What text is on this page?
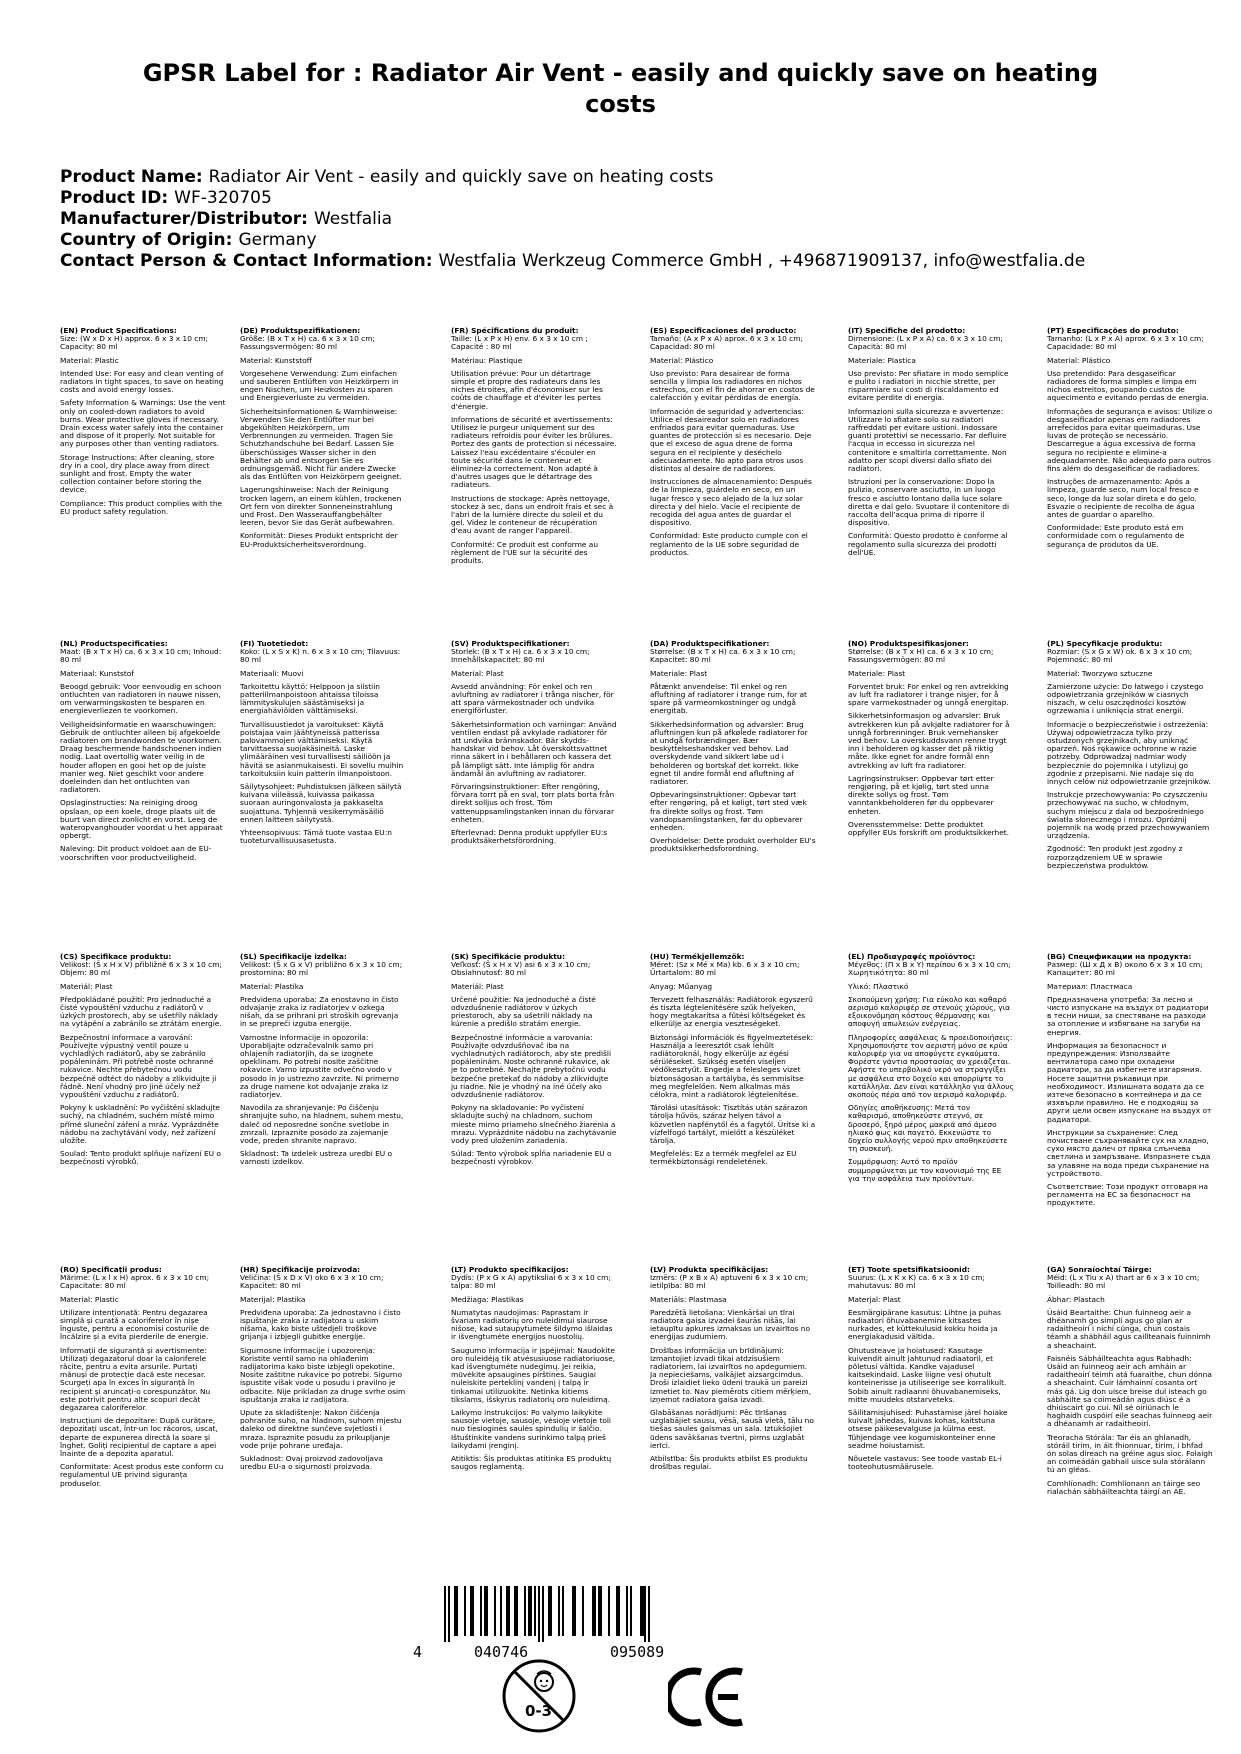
GPSR Label for : Radiator Air Vent - easily and quickly save on heating costs
Product Name: Radiator Air Vent - easily and quickly save on heating costs
Product ID: WF-320705
Manufacturer/Distributor: Westfalia
Country of Origin: Germany
Contact Person & Contact Information: Westfalia Werkzeug Commerce GmbH , +496871909137, info@westfalia.de
(EN) Product Specifications:
Size: (W x D x H) approx. 6 x 3 x 10 cm; Capacity: 80 ml
Material: Plastic
Intended Use: For easy and clean venting of radiators in tight spaces, to save on heating costs and avoid energy losses.
Safety Information & Warnings: Use the vent only on cooled-down radiators to avoid burns. Wear protective gloves if necessary. Drain excess water safely into the container and dispose of it properly. Not suitable for any purposes other than venting radiators.
Storage Instructions: After cleaning, store dry in a cool, dry place away from direct sunlight and frost. Empty the water collection container before storing the device.
Compliance: This product complies with the EU product safety regulation.
(DE) Produktspezifikationen:
Größe: (B x T x H) ca. 6 x 3 x 10 cm; Fassungsvermögen: 80 ml
Material: Kunststoff
Vorgesehene Verwendung: Zum einfachen und sauberen Entlüften von Heizkörpern in engen Nischen, um Heizkosten zu sparen und Energieverluste zu vermeiden.
Sicherheitsinformationen & Warnhinweise: Verwenden Sie den Entlüfter nur bei abgekühlten Heizkörpern, um Verbrennungen zu vermeiden. Tragen Sie Schutzhandschuhe bei Bedarf. Lassen Sie überschüssiges Wasser sicher in den Behälter ab und entsorgen Sie es ordnungsgemäß. Nicht für andere Zwecke als das Entlüften von Heizkörpern geeignet.
Lagerungshinweise: Nach der Reinigung trocken lagern, an einem kühlen, trockenen Ort fern von direkter Sonneneinstrahlung und Frost. Den Wasserauffangbehälter leeren, bevor Sie das Gerät aufbewahren.
Konformität: Dieses Produkt entspricht der EU-Produktsicherheitsverordnung.
(FR) Spécifications du produit:
Taille: (L x P x H) env. 6 x 3 x 10 cm ; Capacité : 80 ml
Matériau: Plastique
Utilisation prévue: Pour un détartrage simple et propre des radiateurs dans les niches étroites, afin d'économiser sur les coûts de chauffage et d'éviter les pertes d'énergie.
Informations de sécurité et avertissements: Utilisez le purgeur uniquement sur des radiateurs refroidis pour éviter les brûlures. Portez des gants de protection si nécessaire. Laissez l'eau excédentaire s'écouler en toute sécurité dans le conteneur et éliminez-la correctement. Non adapté à d'autres usages que le détartrage des radiateurs.
Instructions de stockage: Après nettoyage, stockez à sec, dans un endroit frais et sec à l'abri de la lumière directe du soleil et du gel. Videz le conteneur de récupération d'eau avant de ranger l'appareil.
Conformité: Ce produit est conforme au règlement de l'UE sur la sécurité des produits.
(ES) Especificaciones del producto:
Tamaño: (A x P x A) aprox. 6 x 3 x 10 cm; Capacidad: 80 ml
Material: Plástico
Uso previsto: Para desairear de forma sencilla y limpia los radiadores en nichos estrechos, con el fin de ahorrar en costos de calefacción y evitar pérdidas de energía.
Información de seguridad y advertencias: Utilice el desaireador solo en radiadores enfriados para evitar quemaduras. Use guantes de protección si es necesario. Deje que el exceso de agua drene de forma segura en el recipiente y deséchelo adecuadamente. No apto para otros usos distintos al desaire de radiadores.
Instrucciones de almacenamiento: Después de la limpieza, guárdelo en seco, en un lugar fresco y seco alejado de la luz solar directa y del hielo. Vacíe el recipiente de recogida del agua antes de guardar el dispositivo.
Conformidad: Este producto cumple con el reglamento de la UE sobre seguridad de productos.
(IT) Specifiche del prodotto:
Dimensione: (L x P x A) ca. 6 x 3 x 10 cm; Capacità: 80 ml
Materiale: Plastica
Uso previsto: Per sfiatare in modo semplice e pulito i radiatori in nicchie strette, per risparmiare sui costi di riscaldamento ed evitare perdite di energia.
Informazioni sulla sicurezza e avvertenze: Utilizzare lo sfiatare solo su radiatori raffreddati per evitare ustioni. Indossare guanti protettivi se necessario. Far defluire l'acqua in eccesso in sicurezza nel contenitore e smaltirla correttamente. Non adatto per scopi diversi dallo sfiato dei radiatori.
Istruzioni per la conservazione: Dopo la pulizia, conservare asciutto, in un luogo fresco e asciutto lontano dalla luce solare diretta e dal gelo. Svuotare il contenitore di raccolta dell'acqua prima di riporre il dispositivo.
Conformità: Questo prodotto è conforme al regolamento sulla sicurezza dei prodotti dell'UE.
(PT) Especificações do produto:
Tamanho: (L x P x A) aprox. 6 x 3 x 10 cm; Capacidade: 80 ml
Material: Plástico
Uso pretendido: Para desgaseificar radiadores de forma simples e limpa em nichos estreitos, poupando custos de aquecimento e evitando perdas de energia.
Informações de segurança e avisos: Utilize o desgaseificador apenas em radiadores arrefecidos para evitar queimaduras. Use luvas de proteção se necessário. Descarregue a água excessiva de forma segura no recipiente e elimine-a adequadamente. Não adequado para outros fins além do desgaseificar de radiadores.
Instruções de armazenamento: Após a limpeza, guarde seco, num local fresco e seco, longe da luz solar direta e do gelo. Esvazie o recipiente de recolha de água antes de guardar o aparelho.
Conformidade: Este produto está em conformidade com o regulamento de segurança de produtos da UE.
(NL) Productspecificaties:
Maat: (B x T x H) ca. 6 x 3 x 10 cm; Inhoud: 80 ml
Materiaal: Kunststof
Beoogd gebruik: Voor eenvoudig en schoon ontluchten van radiatoren in nauwe nissen, om verwarmingskosten te besparen en energieverliezen te voorkomen.
Veiligheidsinformatie en waarschuwingen: Gebruik de ontluchter alleen bij afgekoelde radiatoren om brandwonden te voorkomen. Draag beschermende handschoenen indien nodig. Laat overtollig water veilig in de houder aflopen en gooi het op de juiste manier weg. Niet geschikt voor andere doeleinden dan het ontluchten van radiatoren.
Opslaginstructies: Na reiniging droog opslaan, op een koele, droge plaats uit de buurt van direct zonlicht en vorst. Leeg de wateropvanghouder voordat u het apparaat opbergt.
Naleving: Dit product voldoet aan de EU-voorschriften voor productveiligheid.
(FI) Tuotetiedot:
Koko: (L x S x K) n. 6 x 3 x 10 cm; Tilavuus: 80 ml
Materiaali: Muovi
Tarkoitettu käyttö: Helppoon ja siistiin patteriilmanpoistoon ahtaissa tiloissa lämmityskulujen säästämiseksi ja energiahäviöiden välttämiseksi.
Turvallisuustiedot ja varoitukset: Käytä poistajaa vain jäähtyneissä patterissa palovammojen välttämiseksi. Käytä tarvittaessa suojakäsineitä. Laske ylimääräinen vesi turvallisesti säiliöön ja hävitä se asianmukaisesti. Ei sovellu muihin tarkoituksiin kuin patterin ilmanpoistoon.
Säilytysohjeet: Puhdistuksen jälkeen säilytä kuivana viileässä, kuivassa paikassa suoraan auringonvalosta ja pakkaselta suojattuna. Tyhjennä vesikerrymäsäiliö ennen laitteen säilytystä.
Yhteensopivuus: Tämä tuote vastaa EU:n tuoteturvallisuusasetusta.
(SV) Produktspecifikationer:
Storlek: (B x T x H) ca. 6 x 3 x 10 cm; Innehållskapacitet: 80 ml
Material: Plast
Avsedd användning: För enkel och ren avluftning av radiatorer i trånga nischer, för att spara värmekostnader och undvika energiförluster.
Säkerhetsinformation och varningar: Använd ventilen endast på avkylade radiatorer för att undvika brännskador. Bär skydds-handskar vid behov. Låt överskottsvattnet rinna säkert in i behållaren och kassera det på lämpligt sätt. Inte lämplig för andra ändamål än avluftning av radiatorer.
Förvaringsinstruktioner: Efter rengöring, förvara torrt på en sval, torr plats borta från direkt solljus och frost. Töm vattenuppsamlingstanken innan du förvarar enheten.
Efterlevnad: Denna produkt uppfyller EU:s produktsäkerhetsförordning.
(DA) Produktspecifikationer:
Størrelse: (B x T x H) ca. 6 x 3 x 10 cm; Kapacitet: 80 ml
Materiale: Plast
Påtænkt anvendelse: Til enkel og ren afluftning af radiatorer i trange rum, for at spare på varmeomkostninger og undgå energitab.
Sikkerhedsinformation og advarsler: Brug afluftningen kun på afkølede radiatorer for at undgå forbrændinger. Bær beskyttelseshandsker ved behov. Lad overskydende vand sikkert løbe ud i beholderen og bortskaf det korrekt. Ikke egnet til andre formål end afluftning af radiatorer.
Opbevaringsinstruktioner: Opbevar tørt efter rengøring, på et køligt, tørt sted væk fra direkte sollys og frost. Tøm vandopsamlingstanken, før du opbevarer enheden.
Overholdelse: Dette produkt overholder EU's produktsikkerhedsforordning.
(NO) Produktspesifikasjoner:
Størrelse: (B x T x H) ca. 6 x 3 x 10 cm; Fassungsvermögen: 80 ml
Materiale: Plast
Forventet bruk: For enkel og ren avtrekking av luft fra radiatorer i trange nisjer, for å spare varmekostnader og unngå energitap.
Sikkerhetsinformasjon og advarsler: Bruk avtrekkeren kun på avkjølte radiatorer for å unngå forbrenninger. Bruk vernehansker ved behov. La overskuddsvann renne trygt inn i beholderen og kasser det på riktig måte. Ikke egnet for andre formål enn avtrekking av luft fra radiatorer.
Lagringsinstrukser: Oppbevar tørt etter rengjøring, på et kjølig, tørt sted unna direkte sollys og frost. Tøm vanntankbeholderen før du oppbevarer enheten.
Overensstemmelse: Dette produktet oppfyller EUs forskrift om produktsikkerhet.
(PL) Specyfikacje produktu:
Rozmiar: (S x G x W) ok. 6 x 3 x 10 cm; Pojemność: 80 ml
Materiał: Tworzywo sztuczne
Zamierzone użycie: Do łatwego i czystego odpowietrzania grzejników w ciasnych niszach, w celu oszczędności kosztów ogrzewania i uniknięcia strat energii.
Informacje o bezpieczeństwie i ostrzeżenia: Używaj odpowietrzacza tylko przy ostudzonych grzejnikach, aby uniknąć oparzeń. Noś rękawice ochronne w razie potrzeby. Odprowadzaj nadmiar wody bezpiecznie do pojemnika i utylizuj go zgodnie z przepisami. Nie nadaje się do innych celów niż odpowietrzanie grzejników.
Instrukcje przechowywania: Po czyszczeniu przechowywać na sucho, w chłodnym, suchym miejscu z dala od bezpośredniego światła słonecznego i mrozu. Opróżnij pojemnik na wodę przed przechowywaniem urządzenia.
Zgodność: Ten produkt jest zgodny z rozporządzeniem UE w sprawie bezpieczeństwa produktów.
(CS) Specifikace produktu:
Velikost: (Š x H x V) přibližně 6 x 3 x 10 cm; Objem: 80 ml
Materiál: Plast
Předpokládané použití: Pro jednoduché a čisté vypouštění vzduchu z radiátorů v úzkých prostorech, aby se ušetřily náklady na vytápění a zabránilo se ztrátám energie.
Bezpečnostní informace a varování: Používejte výpustný ventil pouze u vychladlých radiátorů, aby se zabránilo popáleninám. Při potřebě noste ochranné rukavice. Nechte přebytečnou vodu bezpečně odtéct do nádoby a zlikvidujte ji řádně. Není vhodný pro jiné účely než vypouštění vzduchu z radiátorů.
Pokyny k uskladnění: Po vyčištění skladujte suchý, na chladném, suchém místě mimo přímé sluneční záření a mráz. Vyprázdněte nádobu na zachytávání vody, než zařízení uložíte.
Soulad: Tento produkt splňuje nařízení EU o bezpečnosti výrobků.
(SL) Specifikacije izdelka:
Velikost: (Š x G x V) približno 6 x 3 x 10 cm; prostornina: 80 ml
Material: Plastika
Predvidena uporaba: Za enostavno in čisto odvajanje zraka iz radiatorjev v ozkega nišah, da se prihrani pri stroških ogrevanja in se prepreči izguba energije.
Varnostne informacije in opozorila: Uporabljajte odzračevalnik samo pri ohlajenih radiatorjih, da se izognete opeklinam. Po potrebi nosite zaščitne rokavice. Varno izpustite odvečno vodo v posodo in jo ustrezno zavrzite. Ni primerno za druge namene kot odvajanje zraka iz radiatorjev.
Navodila za shranjevanje: Po čiščenju shranjujte suho, na hladnem, suhem mestu, daleč od neposredne sončne svetlobe in zmrzali. Izpraznite posodo za zajemanje vode, preden shranite napravo.
Skladnost: Ta izdelek ustreza uredbi EU o varnosti izdelkov.
(SK) Špecifikácie produktu:
Veľkosť: (Š x H x V) asi 6 x 3 x 10 cm; Obsiahnutosť: 80 ml
Materiál: Plast
Určené použitie: Na jednoduché a čisté odvzdušnenie radiátorov v úzkych priestoroch, aby sa ušetrili náklady na kúrenie a predišlo stratám energie.
Bezpečnostné informácie a varovania: Používajte odvzdušňovač iba na vychladnutých radiátoroch, aby ste predišli popáleninám. Noste ochranné rukavice, ak je to potrebné. Nechajte prebytočnú vodu bezpečne pretekať do nádoby a zlikvidujte ju riadne. Nie je vhodný na iné účely ako odvzdušnenie radiátorov.
Pokyny na skladovanie: Po vyčistení skladujte suchý na chladnom, suchom mieste mimo priameho slnečného žiarenia a mrazu. Vyprázdnite nádobu na zachytávanie vody pred uložením zariadenia.
Súlad: Tento výrobok spĺňa nariadenie EU o bezpečnosti výrobkov.
(HU) Termékjellemzők:
Méret: (Sz x Mé x Ma) kb. 6 x 3 x 10 cm; Űrtartalom: 80 ml
Anyag: Műanyag
Tervezett felhasználás: Radiátorok egyszerű és tiszta légtelenítésére szűk helyeken, hogy megtakarítsa a fűtési költségeket és elkerülje az energia veszteségeket.
Biztonsági információk és figyelmeztetések: Használja a leeresztőt csak lehűlt radiátoroknál, hogy elkerülje az égési sérüléseket. Szükség esetén viseljen védőkesztyűt. Engedje a felesleges vizet biztonságosan a tartályba, és semmisítse meg megfelelően. Nem alkalmas más célokra, mint a radiátorok légtelenítése.
Tárolási utasítások: Tisztítás után szárazon tárolja hűvös, száraz helyen távol a közvetlen napfénytől és a fagytól. Ürítse ki a vízfelfogó tartályt, mielőtt a készüléket tárolja.
Megfelelés: Ez a termék megfelel az EU termékbiztonsági rendeletének.
(EL) Προδιαγραφές προϊόντος:
Μέγεθος: (Π x Β x Υ) περίπου 6 x 3 x 10 cm; Χωρητικότητα: 80 ml
Υλικό: Πλαστικό
Σκοπούμενη χρήση: Για εύκολο και καθαρό αερισμό καλοριφέρ σε στενούς χώρους, για εξοικονόμηση κόστους θέρμανσης και αποφυγή απωλειών ενέργειας.
Πληροφορίες ασφάλειας & προειδοποιήσεις: Χρησιμοποιήστε τον αεριστή μόνο σε κρύα καλοριφέρ για να αποφύγετε εγκαύματα. Φορέστε γάντια προστασίας αν χρειάζεται. Αφήστε το υπερβολικό νερό να στραγγίξει με ασφάλεια στο δοχείο και απορρίψτε το κατάλληλα. Δεν είναι κατάλληλο για άλλους σκοπούς πέρα από τον αερισμό καλοριφέρ.
Οδηγίες αποθήκευσης: Μετά τον καθαρισμό, αποθηκεύστε στεγνό, σε δροσερό, ξηρό μέρος μακριά από άμεσο ηλιακό φως και παγετό. Εκκενώστε το δοχείο συλλογής νερού πριν αποθηκεύσετε τη συσκευή.
Συμμόρφωση: Αυτό το προϊόν συμμορφώνεται με τον κανονισμό της ΕΕ για την ασφάλεια των προϊόντων.
(BG) Спецификации на продукта:
Размер: (Ш x Д x В) около 6 x 3 x 10 cm; Капацитет: 80 ml
Материал: Пластмаса
Предназначена употреба: За лесно и чисто изпускане на въздух от радиатори в тесни ниши, за спестяване на разходи за отопление и избягване на загуби на енергия.
Информация за безопасност и предупреждения: Използвайте вентилатора само при охладени радиатори, за да избегнете изгаряния. Носете защитни ръкавици при необходимост. Излишната водата да се изтече безопасно в контейнера и да се изхвърли правилно. Не е подходящ за други цели освен изпускане на въздух от радиатори.
Инструкции за съхранение: След почистване съхранявайте сух на хладно, сухо място далеч от пряка слънчева светлина и замръзване. Изпразнете съда за улавяне на вода преди съхранение на устройството.
Съответствие: Този продукт отговаря на регламента на ЕС за безопасност на продуктите.
(RO) Specificații produs:
Mărime: (L x l x H) aprox. 6 x 3 x 10 cm; Capacitate: 80 ml
Material: Plastic
Utilizare intenționată: Pentru degazarea simplă și curată a caloriferelor în nișe înguste, pentru a economisi costurile de încălzire și a evita pierderile de energie.
Informații de siguranță și avertismente: Utilizați degazatorul doar la caloriferele răcite, pentru a evita arsurile. Purtați mănuși de protecție dacă este necesar. Scurgeți apa în exces în siguranță în recipient și aruncați-o corespunzător. Nu este potrivit pentru alte scopuri decât degazarea caloriferelor.
Instrucțiuni de depozitare: După curățare, depozitați uscat, într-un loc răcoros, uscat, departe de expunerea directă la soare și înghet. Goliți recipientul de captare a apei înainte de a depozita aparatul.
Conformitate: Acest produs este conform cu regulamentul UE privind siguranța produselor.
(HR) Specifikacije proizvoda:
Veličina: (Š x D x V) oko 6 x 3 x 10 cm; Kapacitet: 80 ml
Materijal: Plastika
Predviđena uporaba: Za jednostavno i čisto ispuštanje zraka iz radijatora u uskim nišama, kako biste uštedjeli troškove grijanja i izbjegli gubitke energije.
Sigurnosne informacije i upozorenja: Koristite ventil samo na ohlađenim radijatorima kako biste izbjegli opekotine. Nosite zaštitne rukavice po potrebi. Sigurno ispustite višak vode u posudu i pravilno je odbacite. Nije prikladan za druge svrhe osim ispuštanja zraka iz radijatora.
Upute za skladištenje: Nakon čišćenja pohranite suho, na hladnom, suhom mjestu daleko od direktne sunčeve svjetlosti i mraza. Ispraznite posudu za prikupljanje vode prije pohrane uređaja.
Sukladnost: Ovaj proizvod zadovoljava uredbu EU-a o sigurnosti proizvoda.
(LT) Produkto specifikacijos:
Dydis: (P x G x A) apytiksliai 6 x 3 x 10 cm; talpa: 80 ml
Medžiaga: Plastikas
Numatytas naudojimas: Paprastam ir švariam radiatorių oro nuleidimui siaurose nišose, kad sutaupytumėte šildymo išlaidas ir išvengtumėte energijos nuostolių.
Saugumo informacija ir įspėjimai: Naudokite oro nuleidėją tik atvėsusiuose radiatoriuose, kad išvengtumėte nudegimų. Jei reikia, mūvėkite apsaugines pirštines. Saugiai nuleiskite perteklinį vandenį į talpą ir tinkamai utilizuokite. Netinka kitiems tikslams, išskyrus radiatorių oro nuleidimą.
Laikymo instrukcijos: Po valymo laikykite sausoje vietoje, sausoje, vėsioje vietoje toli nuo tiesioginės saulės spindulių ir šalčio. Ištuštinkite vandens surinkimo talpą prieš laikydami įrenginį.
Atitiktis: Šis produktas atitinka ES produktų saugos reglamentą.
(LV) Produkta specifikācijas:
Izmērs: (P x B x A) aptuveni 6 x 3 x 10 cm; ietilpība: 80 ml
Materiāls: Plastmasa
Paredzētā lietošana: Vienkāršai un tīrai radiatora gaisa izvadei šaurās nišās, lai ietaupītu apkures izmaksas un izvairītos no enerģijas zudumiem.
Drošības informācija un brīdinājumi: Izmantojiet izvadi tikai atdzisušiem radiatoriem, lai izvairītos no apdegumiem. Ja nepieciešams, valkājiet aizsargcimdus. Droši izlaidiet lieko ūdeni traukā un pareizi izmetiet to. Nav piemērots citiem mērķiem, izņemot radiatora gaisa izvadi.
Glabāšanas norādījumi: Pēc tīrīšanas uzglabājiet sausu, vēsā, sausā vietā, tālu no tiešas saules gaismas un sala. Iztukšojiet ūdens savākšanas tvertni, pirms uzglabāt ierīci.
Atbilstība: Šis produkts atbilst ES produktu drošības regulai.
(ET) Toote spetsifikatsioonid:
Suurus: (L x K x K) ca. 6 x 3 x 10 cm; mahutavus: 80 ml
Materjal: Plast
Eesmärgipärane kasutus: Lihtne ja puhas radiaatori õhuvabanemine kitsastes nurkades, et küttekulusid kokku hoida ja energiakadusid vältida.
Ohutusteave ja hoiatused: Kasutage kuivendit ainult jahtunud radiaatoril, et põletusi vältida. Kandke vajadusel kaitsekindaid. Laske liigne vesi ohutult konteinerisse ja utiliseerige see korralikult. Sobib ainult radiaanni õhuvabanemiseks, mitte muudeks otstarveteks.
Säilitamisjuhised: Puhastamise järel hoiake kuivalt jahedas, kuivas kohas, kaitstuna otsese päikesevalguse ja külma eest. Tühjendage vee kogumiskonteiner enne seadme hoiustamist.
Nõuetele vastavus: See toode vastab EL-i tooteohutusmäärusele.
(GA) Sonraíochtaí Táirge:
Méid: (L x Tiu x A) thart ar 6 x 3 x 10 cm; Toilleadh: 80 ml
Ábhar: Plastach
Úsáid Beartaithe: Chun fuinneog aeir a dhéanamh go simplí agus go glan ar radaitheoirí i nichí cúnga, chun costais téamh a shábháil agus caillteanais fuinnimh a sheachaint.
Faisnéis Sábháilteachta agus Rabhadh: Úsáid an fuinneog aeir ach amháin ar radaitheoirí téimh atá fuaraithe, chun dónna a sheachaint. Cuir lámhainní cosanta ort más gá. Lig don uisce breise dul isteach go sábháilte sa coimeádán agus diúsc é a dhiúscairt go cuí. Níl sé oiriúnach le haghaidh cuspóirí eile seachas fuinneog aeir a dhéanamh ar radaitheoirí.
Treoracha Stórála: Tar éis an ghlanadh, stóráil tirim, in áit fhionnuar, tirim, i bhfad ón solas díreach na gréine agus sioc. Folaigh an coimeádán gabhail uisce sula stórálann tú an gléas.
Comhlíonadh: Comhlíonann an táirge seo rialachán sábháilteachta táirgí an AE.
4	040746	095089
0-3
